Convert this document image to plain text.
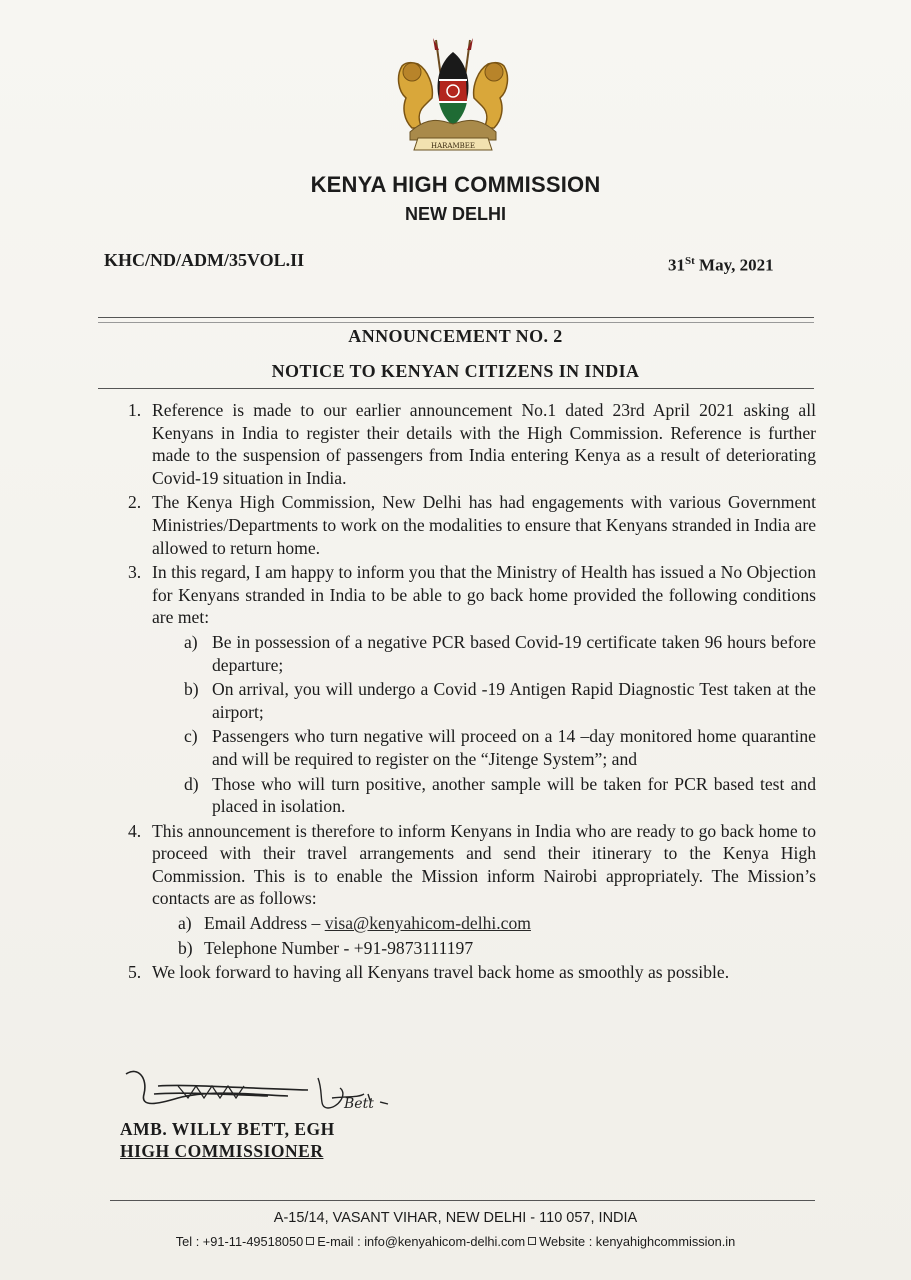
HARAMBEE
KENYA HIGH COMMISSION
NEW DELHI
KHC/ND/ADM/35VOL.II	31St May, 2021
ANNOUNCEMENT NO. 2
NOTICE TO KENYAN CITIZENS IN INDIA
1. Reference is made to our earlier announcement No.1 dated 23rd April 2021 asking all Kenyans in India to register their details with the High Commission. Reference is further made to the suspension of passengers from India entering Kenya as a result of deteriorating Covid-19 situation in India.
2. The Kenya High Commission, New Delhi has had engagements with various Government Ministries/Departments to work on the modalities to ensure that Kenyans stranded in India are allowed to return home.
3. In this regard, I am happy to inform you that the Ministry of Health has issued a No Objection for Kenyans stranded in India to be able to go back home provided the following conditions are met:
a) Be in possession of a negative PCR based Covid-19 certificate taken 96 hours before departure;
b) On arrival, you will undergo a Covid -19 Antigen Rapid Diagnostic Test taken at the airport;
c) Passengers who turn negative will proceed on a 14 –day monitored home quarantine and will be required to register on the “Jitenge System”; and
d) Those who will turn positive, another sample will be taken for PCR based test and placed in isolation.
4. This announcement is therefore to inform Kenyans in India who are ready to go back home to proceed with their travel arrangements and send their itinerary to the Kenya High Commission. This is to enable the Mission inform Nairobi appropriately. The Mission’s contacts are as follows:
a) Email Address – visa@kenyahicom-delhi.com
b) Telephone Number - +91-9873111197
5. We look forward to having all Kenyans travel back home as smoothly as possible.
Bett
AMB. WILLY BETT, EGH
HIGH COMMISSIONER
A-15/14, VASANT VIHAR, NEW DELHI - 110 057, INDIA
Tel : +91-11-49518050 E-mail : info@kenyahicom-delhi.com Website : kenyahighcommission.in
